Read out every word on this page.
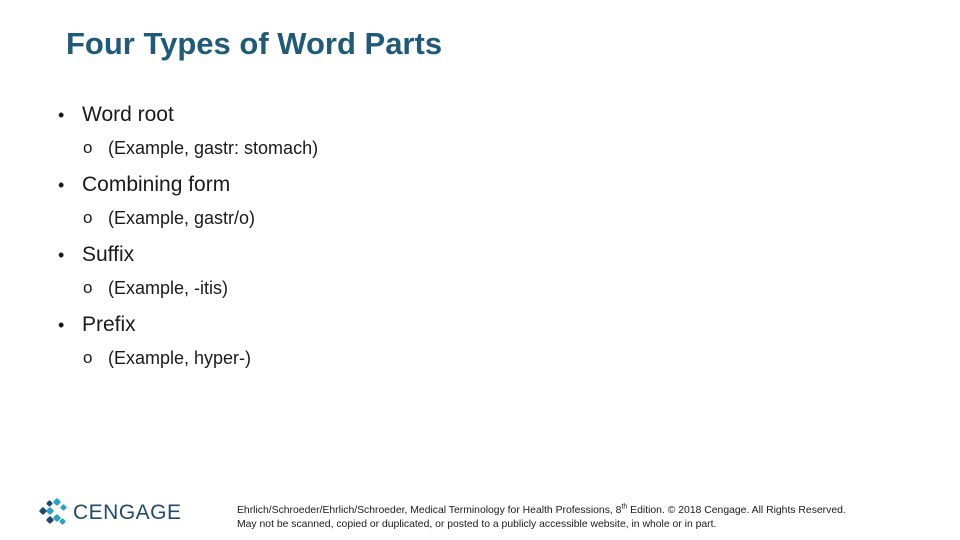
Four Types of Word Parts
• Word root
o (Example, gastr: stomach)
• Combining form
o (Example, gastr/o)
• Suffix
o (Example, -itis)
• Prefix
o (Example, hyper-)
CENGAGE	Ehrlich/Schroeder/Ehrlich/Schroeder, Medical Terminology for Health Professions, 8th Edition. © 2018 Cengage. All Rights Reserved.
May not be scanned, copied or duplicated, or posted to a publicly accessible website, in whole or in part.
